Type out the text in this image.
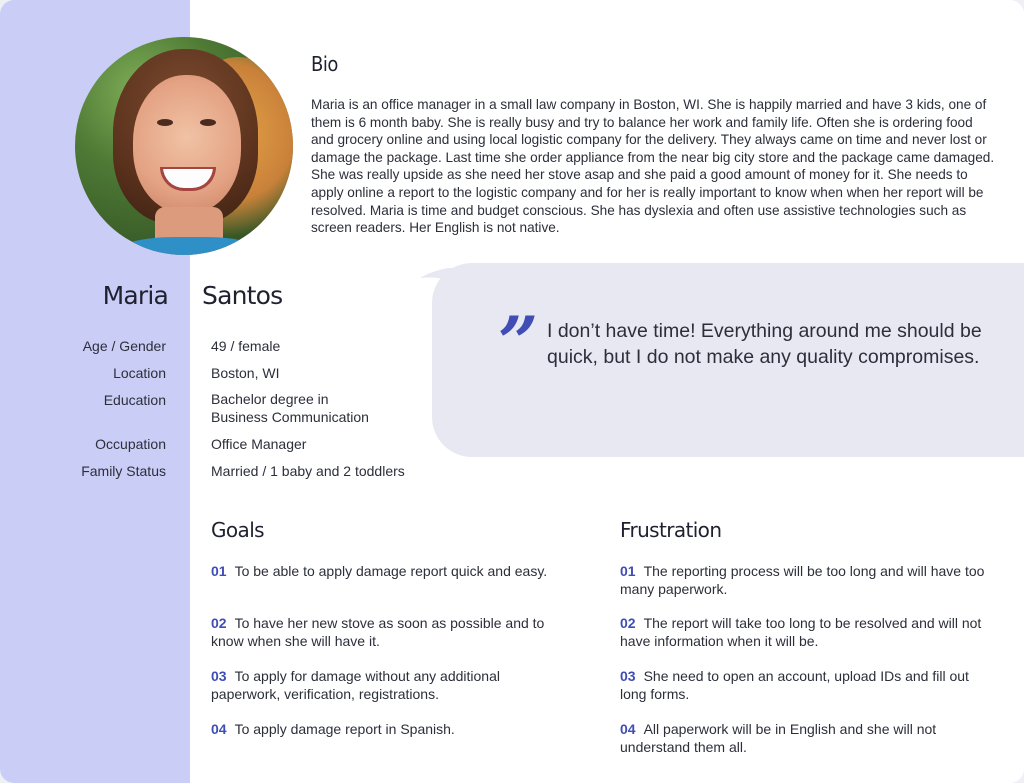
Bio
Maria is an office manager in a small law company in Boston, WI. She is happily married and have 3 kids, one of them is 6 month baby. She is really busy and try to balance her work and family life. Often she is ordering food and grocery online and using local logistic company for the delivery. They always came on time and never lost or damage the package. Last time she order appliance from the near big city store and the package came damaged. She was really upside as she need her stove asap and she paid a good amount of money for it. She needs to apply online a report to the logistic company and for her is really important to know when when her report will be resolved. Maria is time and budget conscious. She has dyslexia and often use assistive technologies such as screen readers. Her English is not native.
Maria Santos
Age / Gender	49 / female
Location	Boston, WI
Education	Bachelor degree in
Business Communication
Occupation	Office Manager
Family Status	Married / 1 baby and 2 toddlers
” I don’t have time! Everything around me should be quick, but I do not make any quality compromises.
Goals
01 To be able to apply damage report quick and easy.
02 To have her new stove as soon as possible and to know when she will have it.
03 To apply for damage without any additional paperwork, verification, registrations.
04 To apply damage report in Spanish.
Frustration
01 The reporting process will be too long and will have too many paperwork.
02 The report will take too long to be resolved and will not have information when it will be.
03 She need to open an account, upload IDs and fill out long forms.
04 All paperwork will be in English and she will not understand them all.
